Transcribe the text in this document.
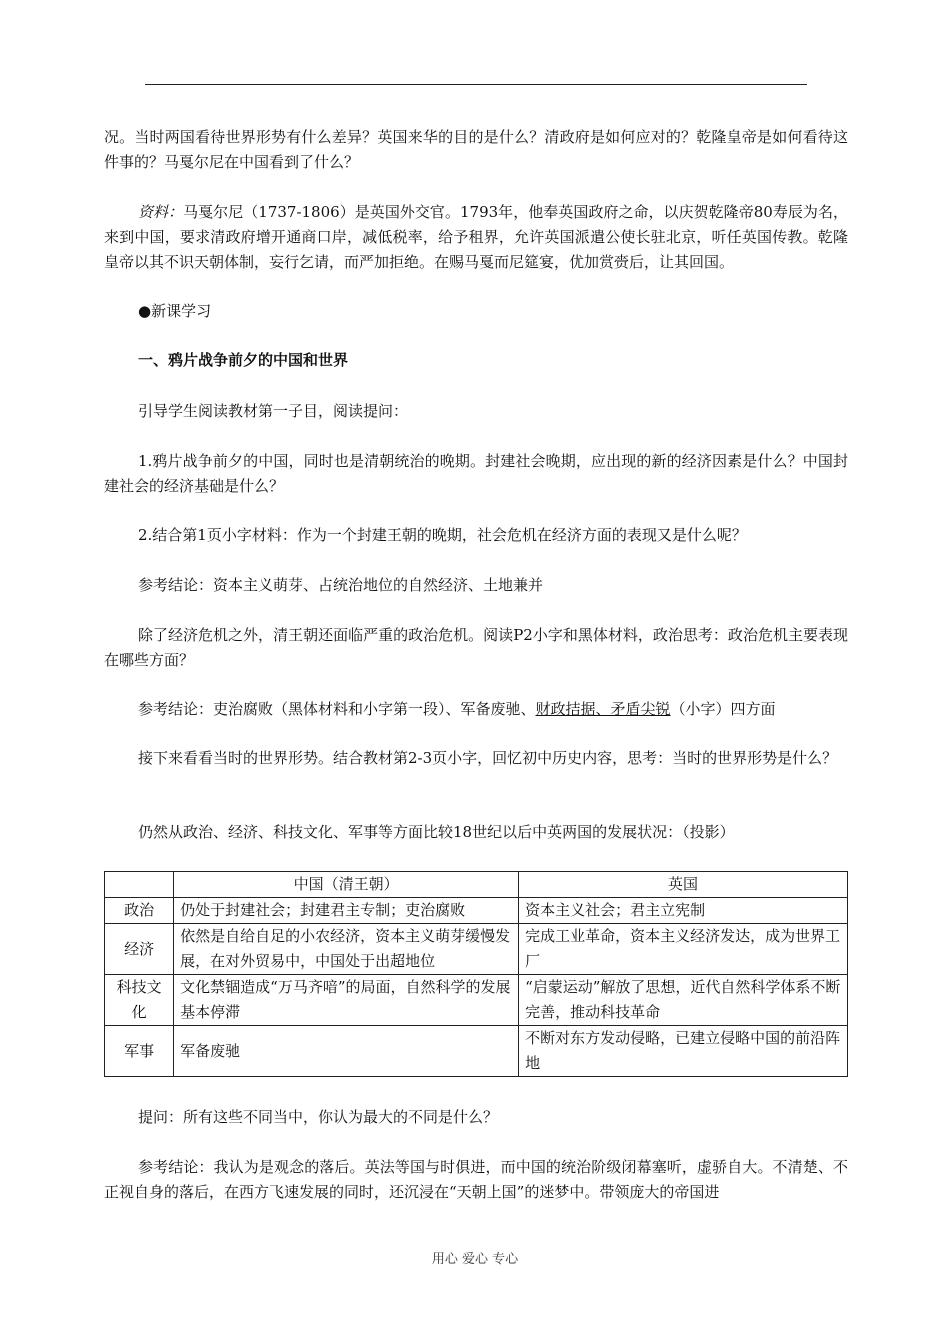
况。当时两国看待世界形势有什么差异？英国来华的目的是什么？清政府是如何应对的？乾隆皇帝是如何看待这件事的？马戛尔尼在中国看到了什么？
资料：马戛尔尼（1737-1806）是英国外交官。1793年，他奉英国政府之命，以庆贺乾隆帝80寿辰为名，来到中国，要求清政府增开通商口岸，减低税率，给予租界，允许英国派遣公使长驻北京，听任英国传教。乾隆皇帝以其不识天朝体制，妄行乞请，而严加拒绝。在赐马戛而尼筵宴，优加赏赍后，让其回国。
●新课学习
一、鸦片战争前夕的中国和世界
引导学生阅读教材第一子目，阅读提问：
1.鸦片战争前夕的中国，同时也是清朝统治的晚期。封建社会晚期，应出现的新的经济因素是什么？中国封建社会的经济基础是什么？
2.结合第1页小字材料：作为一个封建王朝的晚期，社会危机在经济方面的表现又是什么呢？
参考结论：资本主义萌芽、占统治地位的自然经济、土地兼并
除了经济危机之外，清王朝还面临严重的政治危机。阅读P2小字和黑体材料，政治思考：政治危机主要表现在哪些方面？
参考结论：吏治腐败（黑体材料和小字第一段）、军备废驰、财政拮据、矛盾尖锐（小字）四方面
接下来看看当时的世界形势。结合教材第2-3页小字，回忆初中历史内容，思考：当时的世界形势是什么？
仍然从政治、经济、科技文化、军事等方面比较18世纪以后中英两国的发展状况：（投影）
	中国（清王朝）	英国
政治	仍处于封建社会；封建君主专制；吏治腐败	资本主义社会；君主立宪制
经济	依然是自给自足的小农经济，资本主义萌芽缓慢发展，在对外贸易中，中国处于出超地位	完成工业革命，资本主义经济发达，成为世界工厂
科技文化	文化禁锢造成“万马齐喑”的局面，自然科学的发展基本停滞	“启蒙运动”解放了思想，近代自然科学体系不断完善，推动科技革命
军事	军备废驰	不断对东方发动侵略，已建立侵略中国的前沿阵地
提问：所有这些不同当中，你认为最大的不同是什么？
参考结论：我认为是观念的落后。英法等国与时俱进，而中国的统治阶级闭幕塞听，虚骄自大。不清楚、不正视自身的落后，在西方飞速发展的同时，还沉浸在“天朝上国”的迷梦中。带领庞大的帝国进
用心 爱心 专心
